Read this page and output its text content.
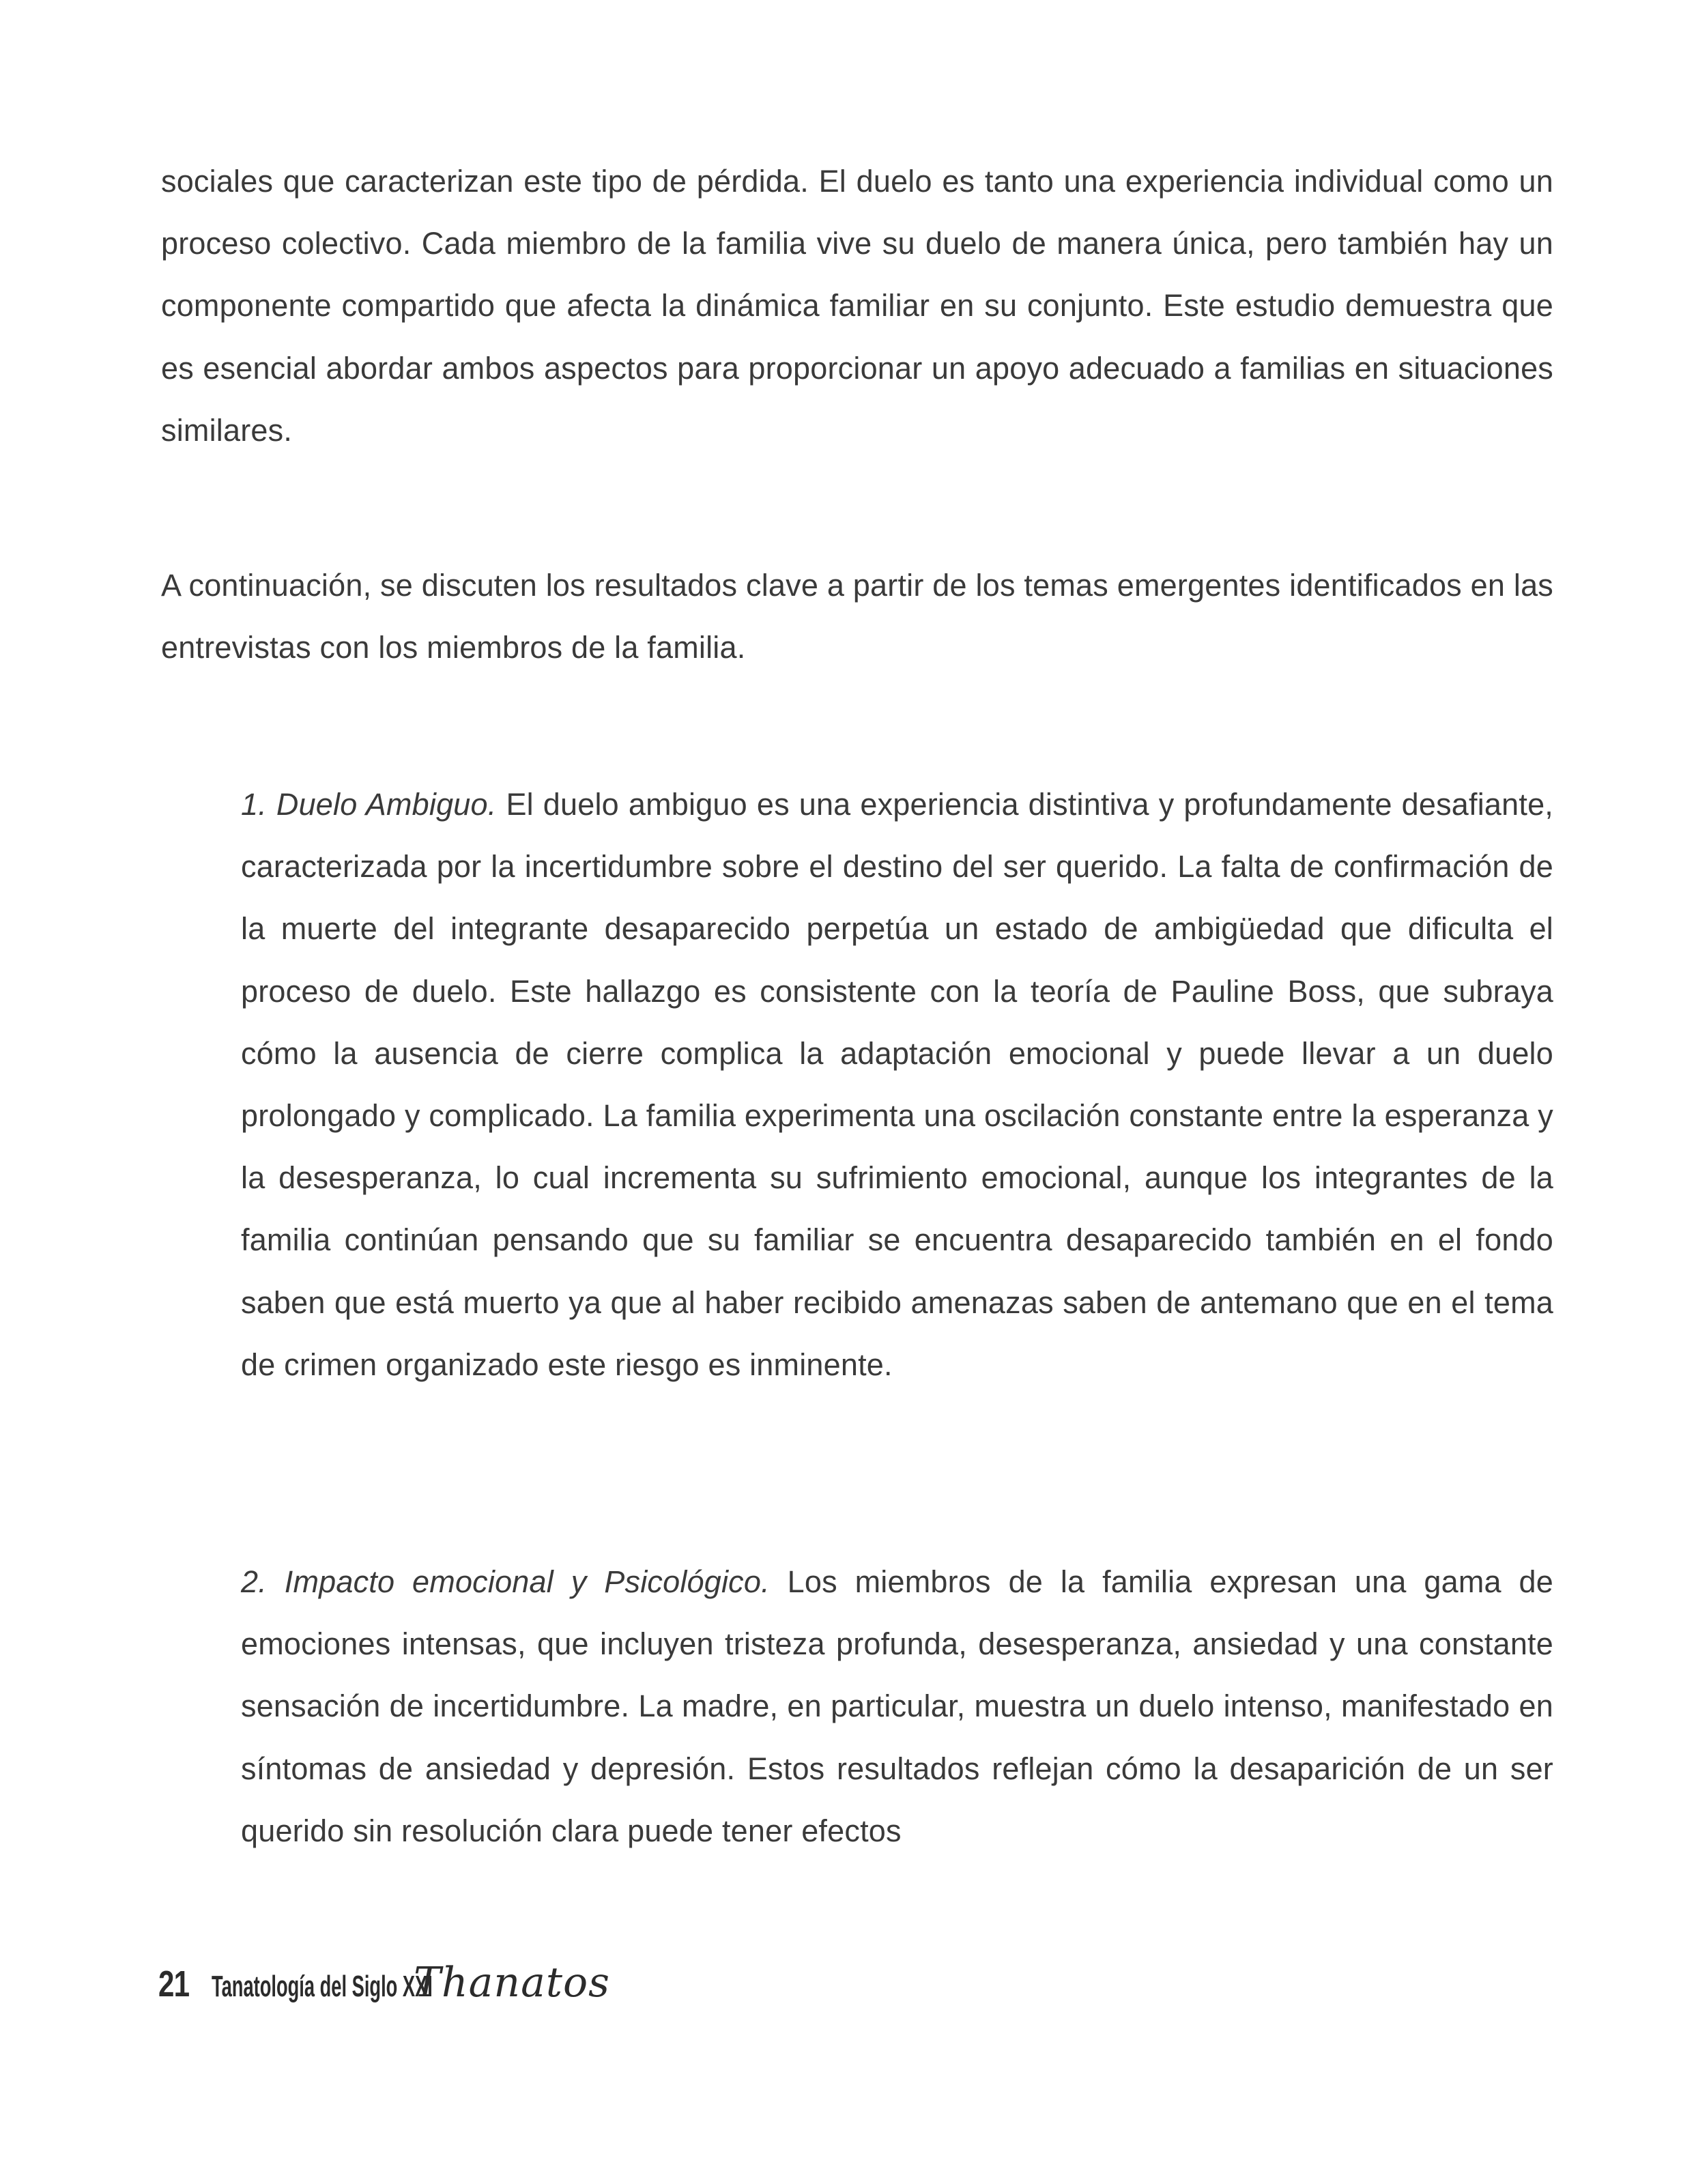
sociales que caracterizan este tipo de pérdida. El duelo es tanto una experiencia individual como un proceso colectivo. Cada miembro de la familia vive su duelo de manera única, pero también hay un componente compartido que afecta la dinámica familiar en su conjunto. Este estudio demuestra que es esencial abordar ambos aspectos para proporcionar un apoyo adecuado a familias en situaciones similares.

A continuación, se discuten los resultados clave a partir de los temas emergentes identificados en las entrevistas con los miembros de la familia.

1. Duelo Ambiguo. El duelo ambiguo es una experiencia distintiva y profundamente desafiante, caracterizada por la incertidumbre sobre el destino del ser querido. La falta de confirmación de la muerte del integrante desaparecido perpetúa un estado de ambigüedad que dificulta el proceso de duelo. Este hallazgo es consistente con la teoría de Pauline Boss, que subraya cómo la ausencia de cierre complica la adaptación emocional y puede llevar a un duelo prolongado y complicado. La familia experimenta una oscilación constante entre la esperanza y la desesperanza, lo cual incrementa su sufrimiento emocional, aunque los integrantes de la familia continúan pensando que su familiar se encuentra desaparecido también en el fondo saben que está muerto ya que al haber recibido amenazas saben de antemano que en el tema de crimen organizado este riesgo es inminente.

2. Impacto emocional y Psicológico. Los miembros de la familia expresan una gama de emociones intensas, que incluyen tristeza profunda, desesperanza, ansiedad y una constante sensación de incertidumbre. La madre, en particular, muestra un duelo intenso, manifestado en síntomas de ansiedad y depresión. Estos resultados reflejan cómo la desaparición de un ser querido sin resolución clara puede tener efectos

21 Tanatología del Siglo XXI
Thanatos
